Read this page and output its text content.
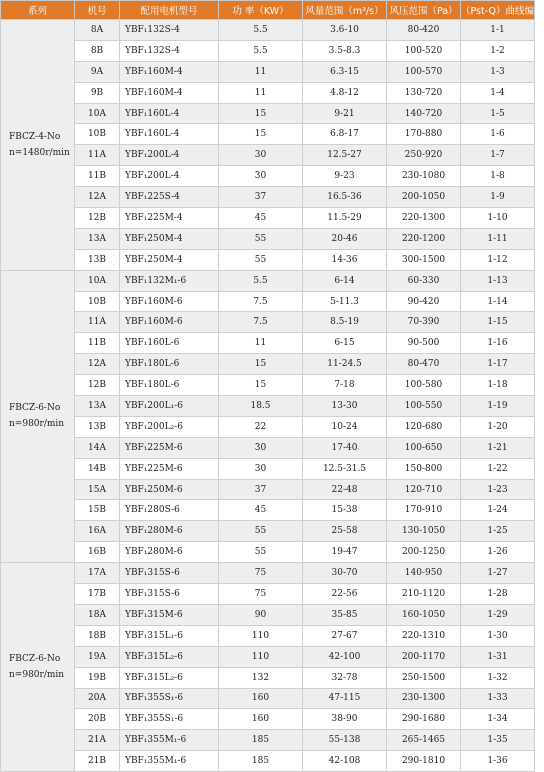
系列	机号	配用电机型号	功 率（KW）	风量范围（m³/s）	风压范围（Pa）	（Pst-Q）曲线编号

FBCZ-4-No
n=1480r/min	8A	YBF₁132S-4	5.5	3.6-10	80-420	1-1
	8B	YBF₁132S-4	5.5	3.5-8.3	100-520	1-2
	9A	YBF₁160M-4	11	6.3-15	100-570	1-3
	9B	YBF₁160M-4	11	4.8-12	130-720	1-4
	10A	YBF₁160L-4	15	9-21	140-720	1-5
	10B	YBF₁160L-4	15	6.8-17	170-880	1-6
	11A	YBF₁200L-4	30	12.5-27	250-920	1-7
	11B	YBF₁200L-4	30	9-23	230-1080	1-8
	12A	YBF₁225S-4	37	16.5-36	200-1050	1-9
	12B	YBF₁225M-4	45	11.5-29	220-1300	1-10
	13A	YBF₁250M-4	55	20-46	220-1200	1-11
	13B	YBF₁250M-4	55	14-36	300-1500	1-12

FBCZ-6-No
n=980r/min	10A	YBF₁132M₁-6	5.5	6-14	60-330	1-13
	10B	YBF₁160M-6	7.5	5-11.3	90-420	1-14
	11A	YBF₁160M-6	7.5	8.5-19	70-390	1-15
	11B	YBF₁160L-6	11	6-15	90-500	1-16
	12A	YBF₁180L-6	15	11-24.5	80-470	1-17
	12B	YBF₁180L-6	15	7-18	100-580	1-18
	13A	YBF₁200L₁-6	18.5	13-30	100-550	1-19
	13B	YBF₁200L₂-6	22	10-24	120-680	1-20
	14A	YBF₁225M-6	30	17-40	100-650	1-21
	14B	YBF₁225M-6	30	12.5-31.5	150-800	1-22
	15A	YBF₁250M-6	37	22-48	120-710	1-23
	15B	YBF₁280S-6	45	15-38	170-910	1-24
	16A	YBF₁280M-6	55	25-58	130-1050	1-25
	16B	YBF₁280M-6	55	19-47	200-1250	1-26

FBCZ-6-No
n=980r/min	17A	YBF₁315S-6	75	30-70	140-950	1-27
	17B	YBF₁315S-6	75	22-56	210-1120	1-28
	18A	YBF₁315M-6	90	35-85	160-1050	1-29
	18B	YBF₁315L₁-6	110	27-67	220-1310	1-30
	19A	YBF₁315L₂-6	110	42-100	200-1170	1-31
	19B	YBF₁315L₂-6	132	32-78	250-1500	1-32
	20A	YBF₁355S₁-6	160	47-115	230-1300	1-33
	20B	YBF₁355S₁-6	160	38-90	290-1680	1-34
	21A	YBF₁355M₁-6	185	55-138	265-1465	1-35
	21B	YBF₁355M₁-6	185	42-108	290-1810	1-36
